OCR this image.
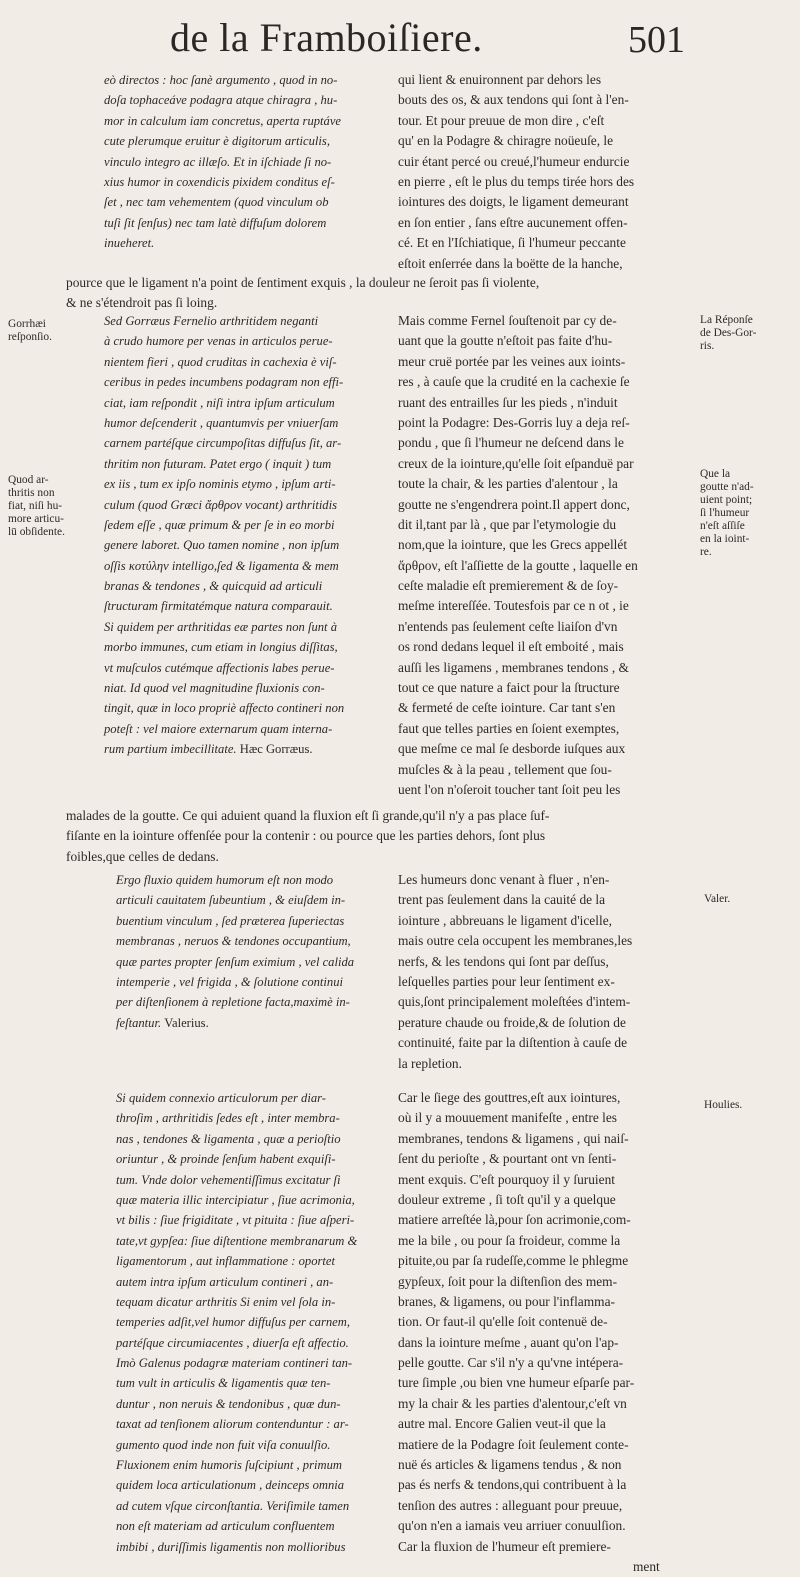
de la Framboiſiere.	501
eò directos : hoc ſanè argumento , quod in no-
doſa tophaceáve podagra atque chiragra , hu-
mor in calculum iam concretus, aperta ruptáve
cute plerumque eruitur è digitorum articulis,
vinculo integro ac illæſo. Et in iſchiade ſi no-
xius humor in coxendicis pixidem conditus eſ-
ſet , nec tam vehementem (quod vinculum ob
tuſi ſit ſenſus) nec tam latè diffuſum dolorem
inueheret.
qui lient & enuironnent par dehors les
bouts des os, & aux tendons qui ſont à l'en-
tour. Et pour preuue de mon dire , c'eſt
qu' en la Podagre & chiragre noüeuſe, le
cuir étant percé ou creué,l'humeur endurcie
en pierre , eſt le plus du temps tirée hors des
iointures des doigts, le ligament demeurant
en ſon entier , ſans eſtre aucunement offen-
cé. Et en l'Iſchiatique, ſi l'humeur peccante
eſtoit enſerrée dans la boëtte de la hanche,
pource que le ligament n'a point de ſentiment exquis , la douleur ne ſeroit pas ſi violente,
& ne s'étendroit pas ſi loing.
Gorrhæi
reſponſio.
Quod ar-
thritis non
fiat, niſi hu-
more articu-
lū obſidente.
Sed Gorræus Fernelio arthritidem neganti
à crudo humore per venas in articulos perue-
nientem fieri , quod cruditas in cachexia è viſ-
ceribus in pedes incumbens podagram non effi-
ciat, iam reſpondit , niſi intra ipſum articulum
humor deſcenderit , quantumvis per vniuerſam
carnem partéſque circumpoſitas diffuſus ſit, ar-
thritim non futuram. Patet ergo ( inquit ) tum
ex iis , tum ex ipſo nominis etymo , ipſum arti-
culum (quod Græci ἄρθρον vocant) arthritidis
ſedem eſſe , quæ primum & per ſe in eo morbi
genere laboret. Quo tamen nomine , non ipſum
oſſis κοτύλην intelligo,ſed & ligamenta & mem
branas & tendones , & quicquid ad articuli
ſtructuram firmitatémque natura comparauit.
Si quidem per arthritidas eæ partes non ſunt à
morbo immunes, cum etiam in longius diſſitas,
vt muſculos cutémque affectionis labes perue-
niat. Id quod vel magnitudine fluxionis con-
tingit, quæ in loco propriè affecto contineri non
poteſt : vel maiore externarum quam interna-
rum partium imbecillitate. Hæc Gorræus.
Mais comme Fernel ſouſtenoit par cy de-
uant que la goutte n'eſtoit pas faite d'hu-
meur cruë portée par les veines aux ioints-
res , à cauſe que la crudité en la cachexie ſe
ruant des entrailles ſur les pieds , n'induit
point la Podagre: Des-Gorris luy a deja reſ-
pondu , que ſi l'humeur ne deſcend dans le
creux de la iointure,qu'elle ſoit eſpanduë par
toute la chair, & les parties d'alentour , la
goutte ne s'engendrera point.Il appert donc,
dit il,tant par là , que par l'etymologie du
nom,que la iointure, que les Grecs appellét
ἄρθρον, eſt l'aſſiette de la goutte , laquelle en
ceſte maladie eſt premierement & de ſoy-
meſme intereſſée. Toutesfois par ce n ot , ie
n'entends pas ſeulement ceſte liaiſon d'vn
os rond dedans lequel il eſt emboité , mais
auſſi les ligamens , membranes tendons , &
tout ce que nature a faict pour la ſtructure
& fermeté de ceſte iointure. Car tant s'en
faut que telles parties en ſoient exemptes,
que meſme ce mal ſe desborde iuſques aux
muſcles & à la peau , tellement que ſou-
uent l'on n'oſeroit toucher tant ſoit peu les
La Réponſe
de Des-Gor-
ris.
Que la
goutte n'ad-
uient point;
ſi l'humeur
n'eſt aſſiſe
en la ioint-
re.
malades de la goutte. Ce qui aduient quand la fluxion eſt ſi grande,qu'il n'y a pas place ſuf-
fiſante en la iointure offenſée pour la contenir : ou pource que les parties dehors, ſont plus
foibles,que celles de dedans.
Ergo fluxio quidem humorum eſt non modo
articuli cauitatem ſubeuntium , & eiuſdem in-
buentium vinculum , ſed præterea ſuperiectas
membranas , neruos & tendones occupantium,
quæ partes propter ſenſum eximium , vel calida
intemperie , vel frigida , & ſolutione continui
per diſtenſionem à repletione facta,maximè in-
feſtantur. Valerius.
Les humeurs donc venant à fluer , n'en-
trent pas ſeulement dans la cauité de la
iointure , abbreuans le ligament d'icelle,
mais outre cela occupent les membranes,les
nerfs, & les tendons qui ſont par deſſus,
leſquelles parties pour leur ſentiment ex-
quis,ſont principalement moleſtées d'intem-
perature chaude ou froide,& de ſolution de
continuité, faite par la diſtention à cauſe de
la repletion.
Valer.
Si quidem connexio articulorum per diar-
throſim , arthritidis ſedes eſt , inter membra-
nas , tendones & ligamenta , quæ a perioſtio
oriuntur , & proinde ſenſum habent exquiſi-
tum. Vnde dolor vehementiſſimus excitatur ſi
quæ materia illic intercipiatur , ſiue acrimonia,
vt bilis : ſiue frigiditate , vt pituita : ſiue aſperi-
tate,vt gypſea: ſiue diſtentione membranarum &
ligamentorum , aut inflammatione : oportet
autem intra ipſum articulum contineri , an-
tequam dicatur arthritis Si enim vel ſola in-
temperies adſit,vel humor diffuſus per carnem,
partéſque circumiacentes , diuerſa eſt affectio.
Imò Galenus podagræ materiam contineri tan-
tum vult in articulis & ligamentis quæ ten-
duntur , non neruis & tendonibus , quæ dun-
taxat ad tenſionem aliorum contenduntur : ar-
gumento quod inde non fuit viſa conuulſio.
Fluxionem enim humoris ſuſcipiunt , primum
quidem loca articulationum , deinceps omnia
ad cutem vſque circonſtantia. Veriſimile tamen
non eſt materiam ad articulum confluentem
imbibi , duriſſimis ligamentis non mollioribus
Car le ſiege des gouttres,eſt aux iointures,
où il y a mouuement manifeſte , entre les
membranes, tendons & ligamens , qui naiſ-
ſent du perioſte , & pourtant ont vn ſenti-
ment exquis. C'eſt pourquoy il y ſuruient
douleur extreme , ſi toſt qu'il y a quelque
matiere arreſtée là,pour ſon acrimonie,com-
me la bile , ou pour ſa froideur, comme la
pituite,ou par ſa rudeſſe,comme le phlegme
gypſeux, ſoit pour la diſtenſion des mem-
branes, & ligamens, ou pour l'inflamma-
tion. Or faut-il qu'elle ſoit contenuë de-
dans la iointure meſme , auant qu'on l'ap-
pelle goutte. Car s'il n'y a qu'vne intépera-
ture ſimple ,ou bien vne humeur eſparſe par-
my la chair & les parties d'alentour,c'eſt vn
autre mal. Encore Galien veut-il que la
matiere de la Podagre ſoit ſeulement conte-
nuë és articles & ligamens tendus , & non
pas és nerfs & tendons,qui contribuent à la
tenſion des autres : alleguant pour preuue,
qu'on n'en a iamais veu arriuer conuulſion.
Car la fluxion de l'humeur eſt premiere-
ment
Houlies.
